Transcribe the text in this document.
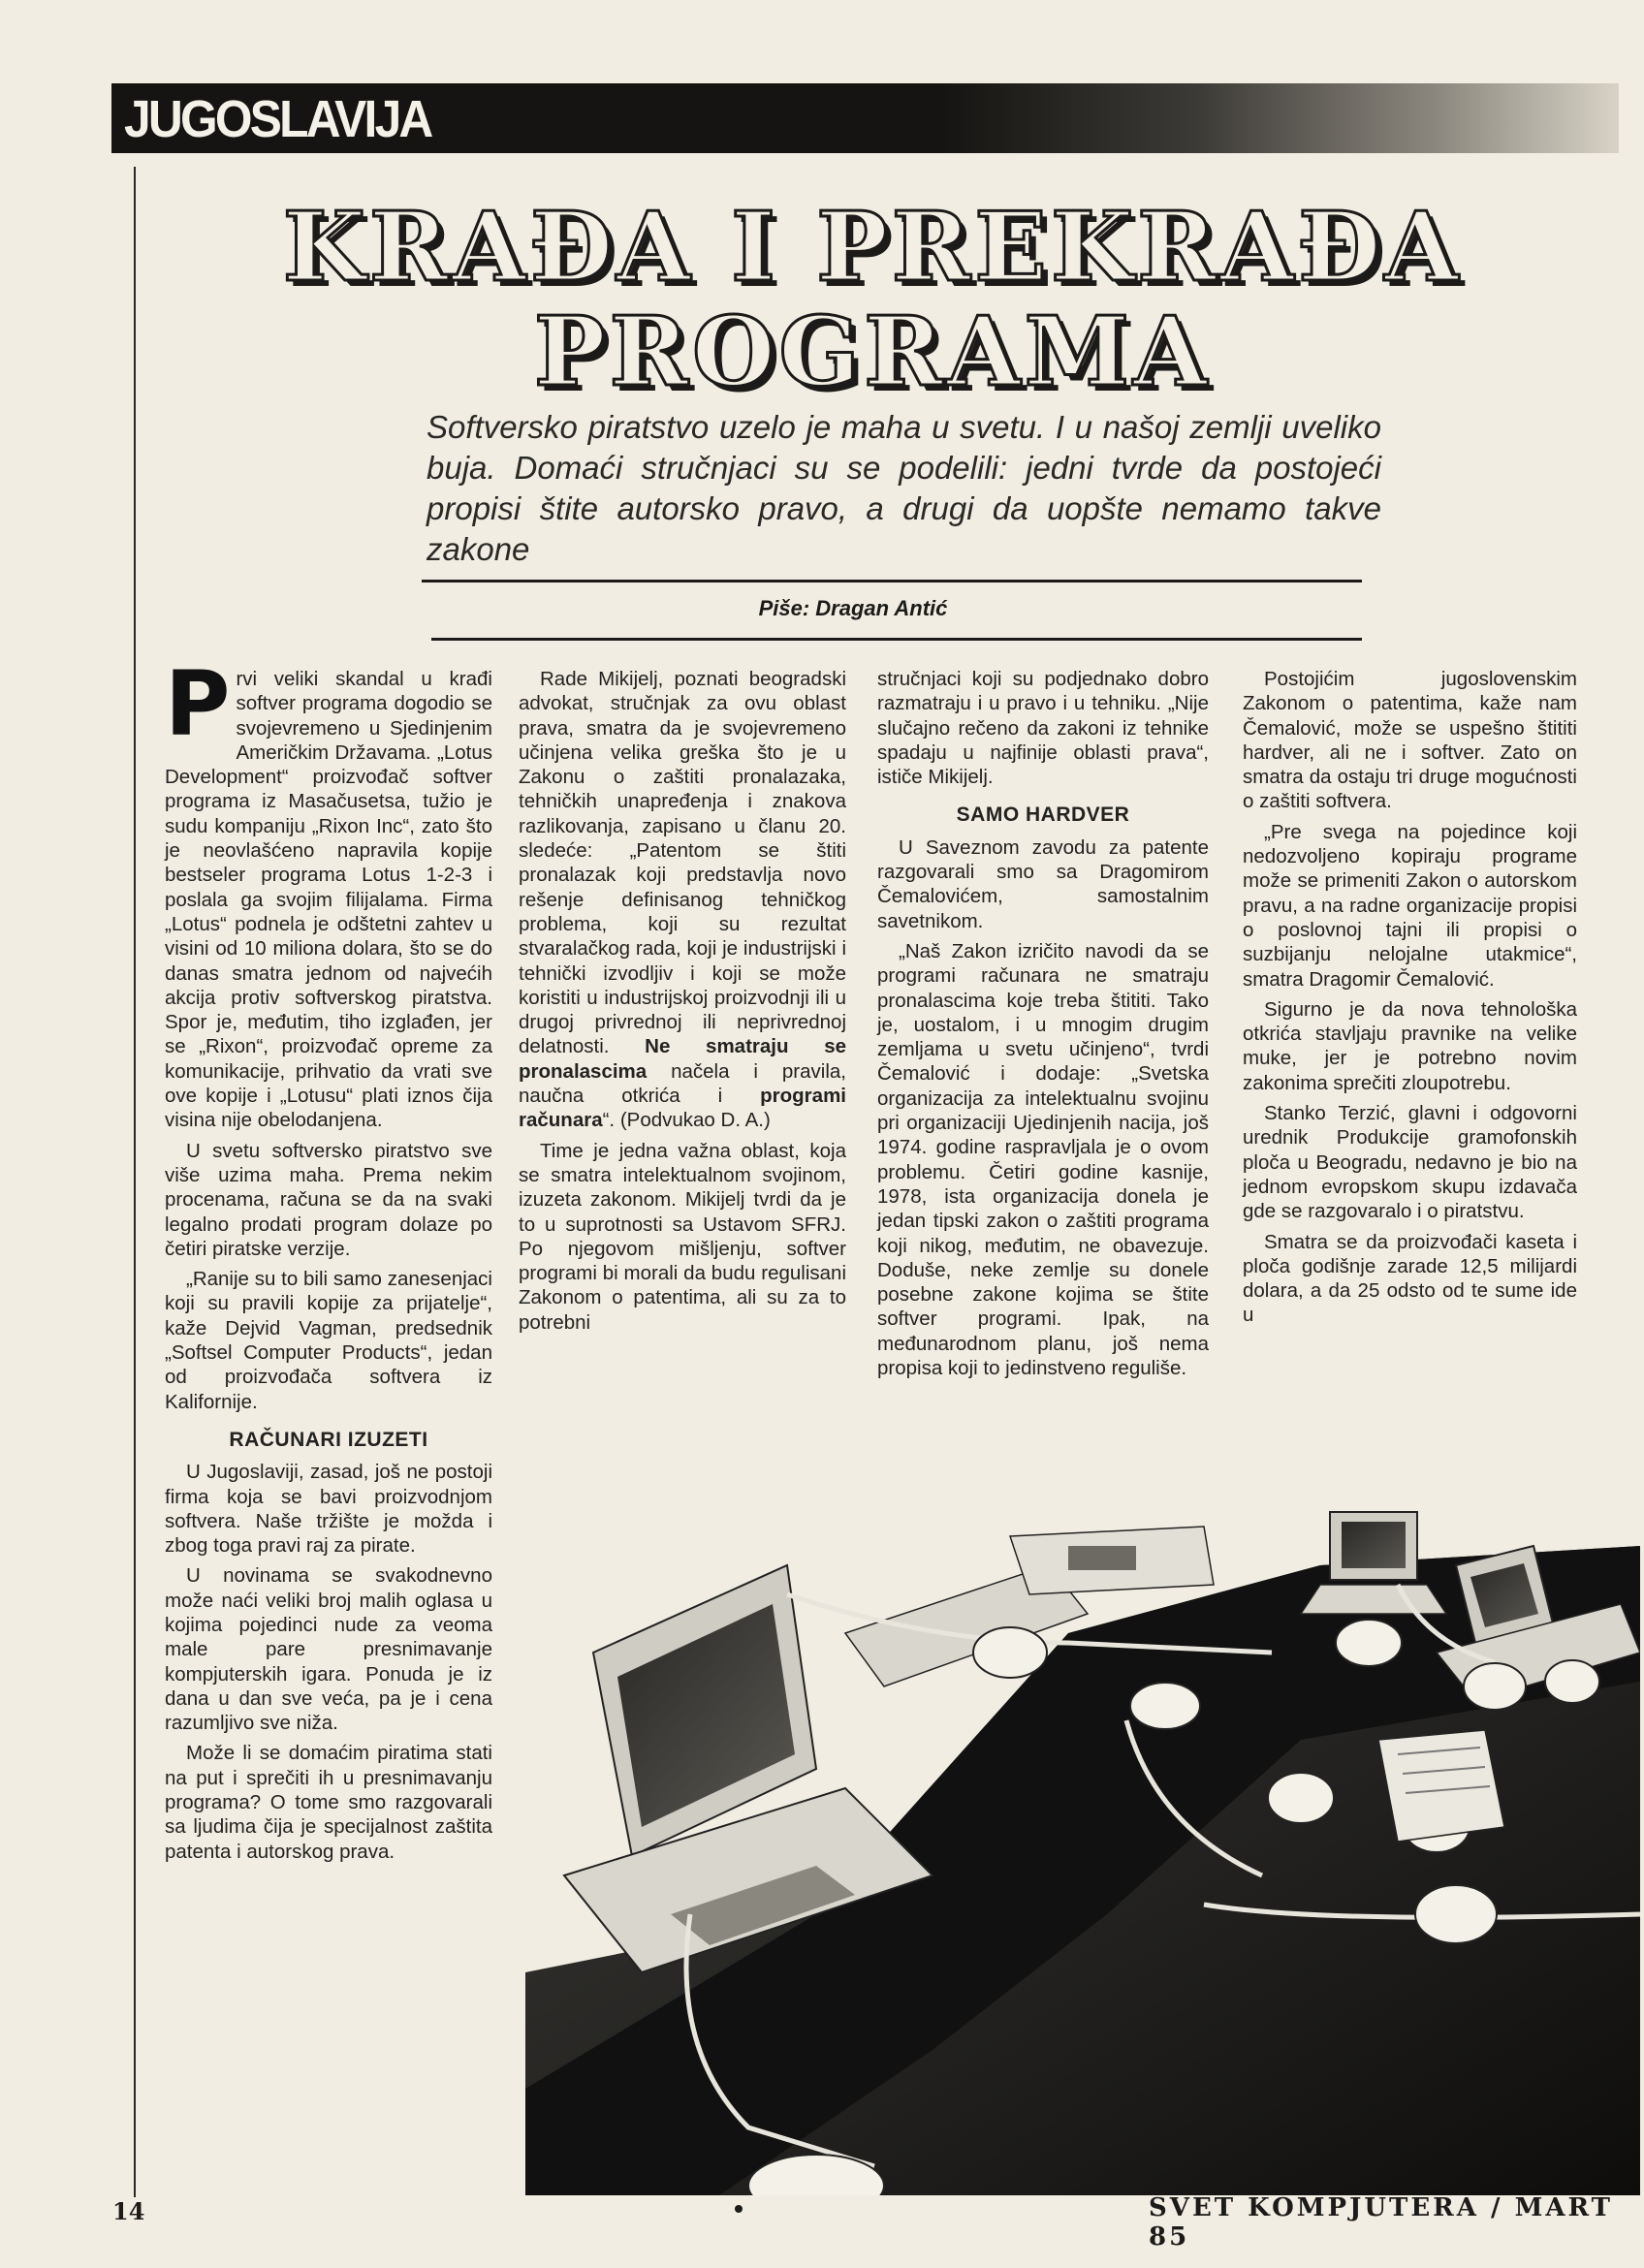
JUGOSLAVIJA
KRAĐA I PREKRAĐA
PROGRAMA
Softversko piratstvo uzelo je maha u svetu. I u našoj zemlji uveliko buja. Domaći stručnjaci su se podelili: jedni tvrde da postojeći propisi štite autorsko pravo, a drugi da uopšte nemamo takve zakone
Piše: Dragan Antić

Prvi veliki skandal u krađi softver programa dogodio se svojevremeno u Sjedinjenim Američkim Državama. „Lotus Development“ proizvođač softver programa iz Masačusetsa, tužio je sudu kompaniju „Rixon Inc“, zato što je neovlašćeno napravila kopije bestseler programa Lotus 1-2-3 i poslala ga svojim filijalama. Firma „Lotus“ podnela je odštetni zahtev u visini od 10 miliona dolara, što se do danas smatra jednom od najvećih akcija protiv softverskog piratstva. Spor je, međutim, tiho izglađen, jer se „Rixon“, proizvođač opreme za komunikacije, prihvatio da vrati sve ove kopije i „Lotusu“ plati iznos čija visina nije obelodanjena.

U svetu softversko piratstvo sve više uzima maha. Prema nekim procenama, računa se da na svaki legalno prodati program dolaze po četiri piratske verzije.

„Ranije su to bili samo zanesenjaci koji su pravili kopije za prijatelje“, kaže Dejvid Vagman, predsednik „Softsel Computer Products“, jedan od proizvođača softvera iz Kalifornije.

RAČUNARI IZUZETI

U Jugoslaviji, zasad, još ne postoji firma koja se bavi proizvodnjom softvera. Naše tržište je možda i zbog toga pravi raj za pirate.

U novinama se svakodnevno može naći veliki broj malih oglasa u kojima pojedinci nude za veoma male pare presnimavanje kompjuterskih igara. Ponuda je iz dana u dan sve veća, pa je i cena razumljivo sve niža.

Može li se domaćim piratima stati na put i sprečiti ih u presnimavanju programa? O tome smo razgovarali sa ljudima čija je specijalnost zaštita patenta i autorskog prava.

Rade Mikijelj, poznati beogradski advokat, stručnjak za ovu oblast prava, smatra da je svojevremeno učinjena velika greška što je u Zakonu o zaštiti pronalazaka, tehničkih unapređenja i znakova razlikovanja, zapisano u članu 20. sledeće: „Patentom se štiti pronalazak koji predstavlja novo rešenje definisanog tehničkog problema, koji su rezultat stvaralačkog rada, koji je industrijski i tehnički izvodljiv i koji se može koristiti u industrijskoj proizvodnji ili u drugoj privrednoj ili neprivrednoj delatnosti. Ne smatraju se pronalascima načela i pravila, naučna otkrića i programi računara“. (Podvukao D. A.)

Time je jedna važna oblast, koja se smatra intelektualnom svojinom, izuzeta zakonom. Mikijelj tvrdi da je to u suprotnosti sa Ustavom SFRJ. Po njegovom mišljenju, softver programi bi morali da budu regulisani Zakonom o patentima, ali su za to potrebni

stručnjaci koji su podjednako dobro razmatraju i u pravo i u tehniku. „Nije slučajno rečeno da zakoni iz tehnike spadaju u najfinije oblasti prava“, ističe Mikijelj.

SAMO HARDVER

U Saveznom zavodu za patente razgovarali smo sa Dragomirom Čemalovićem, samostalnim savetnikom.

„Naš Zakon izričito navodi da se programi računara ne smatraju pronalascima koje treba štititi. Tako je, uostalom, i u mnogim drugim zemljama u svetu učinjeno“, tvrdi Čemalović i dodaje: „Svetska organizacija za intelektualnu svojinu pri organizaciji Ujedinjenih nacija, još 1974. godine raspravljala je o ovom problemu. Četiri godine kasnije, 1978, ista organizacija donela je jedan tipski zakon o zaštiti programa koji nikog, međutim, ne obavezuje. Doduše, neke zemlje su donele posebne zakone kojima se štite softver programi. Ipak, na međunarodnom planu, još nema propisa koji to jedinstveno reguliše.

Postojićim jugoslovenskim Zakonom o patentima, kaže nam Čemalović, može se uspešno štititi hardver, ali ne i softver. Zato on smatra da ostaju tri druge mogućnosti o zaštiti softvera.

„Pre svega na pojedince koji nedozvoljeno kopiraju programe može se primeniti Zakon o autorskom pravu, a na radne organizacije propisi o poslovnoj tajni ili propisi o suzbijanju nelojalne utakmice“, smatra Dragomir Čemalović.

Sigurno je da nova tehnološka otkrića stavljaju pravnike na velike muke, jer je potrebno novim zakonima sprečiti zloupotrebu.

Stanko Terzić, glavni i odgovorni urednik Produkcije gramofonskih ploča u Beogradu, nedavno je bio na jednom evropskom skupu izdavača gde se razgovaralo i o piratstvu.

Smatra se da proizvođači kaseta i ploča godišnje zarade 12,5 milijardi dolara, a da 25 odsto od te sume ide u

14	SVET KOMPJUTERA / MART 85
